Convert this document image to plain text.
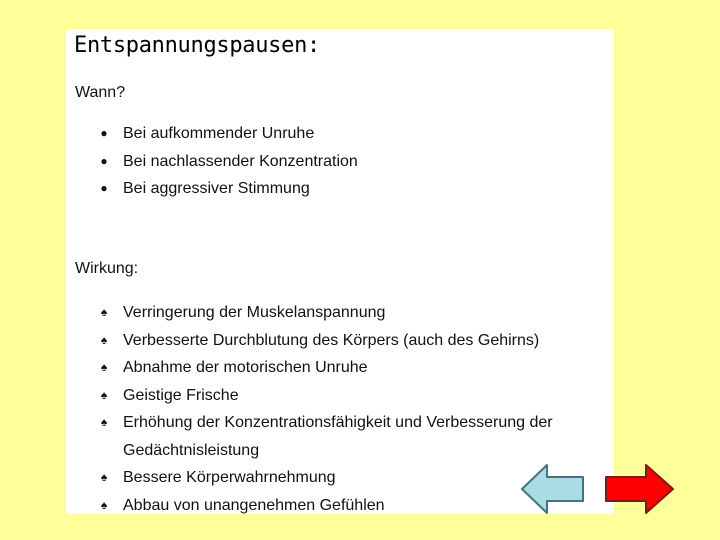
Entspannungspausen:
Wann?
● Bei aufkommender Unruhe
● Bei nachlassender Konzentration
● Bei aggressiver Stimmung
Wirkung:
♠ Verringerung der Muskelanspannung
♠ Verbesserte Durchblutung des Körpers (auch des Gehirns)
♠ Abnahme der motorischen Unruhe
♠ Geistige Frische
♠ Erhöhung der Konzentrationsfähigkeit und Verbesserung der
Gedächtnisleistung
♠ Bessere Körperwahrnehmung
♠ Abbau von unangenehmen Gefühlen
